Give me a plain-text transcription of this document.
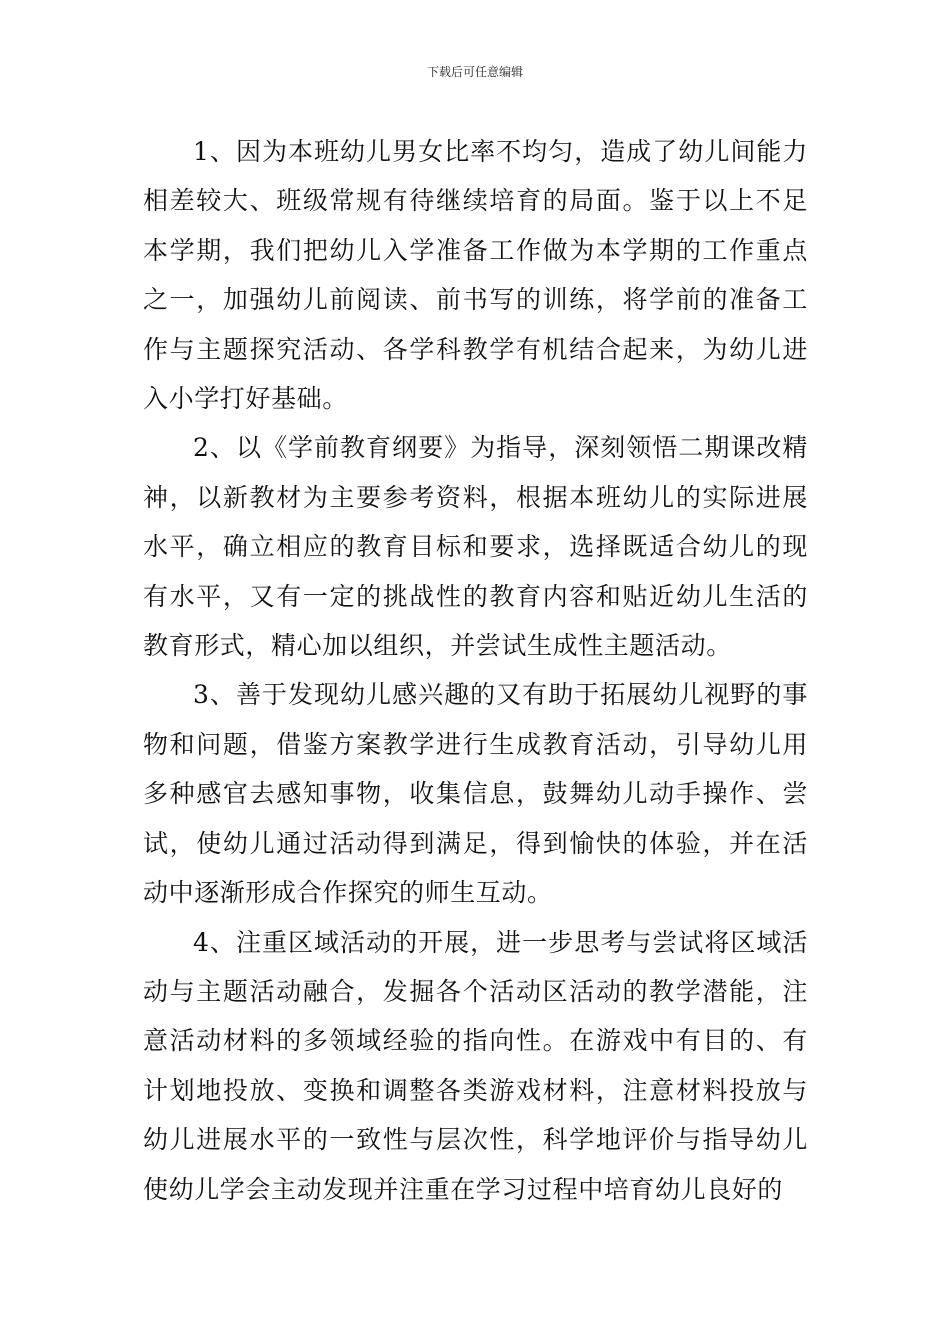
下载后可任意编辑

1、因为本班幼儿男女比率不均匀，造成了幼儿间能力相差较大、班级常规有待继续培育的局面。鉴于以上不足本学期，我们把幼儿入学准备工作做为本学期的工作重点之一，加强幼儿前阅读、前书写的训练，将学前的准备工作与主题探究活动、各学科教学有机结合起来，为幼儿进入小学打好基础。

2、以《学前教育纲要》为指导，深刻领悟二期课改精神，以新教材为主要参考资料，根据本班幼儿的实际进展水平，确立相应的教育目标和要求，选择既适合幼儿的现有水平，又有一定的挑战性的教育内容和贴近幼儿生活的教育形式，精心加以组织，并尝试生成性主题活动。

3、善于发现幼儿感兴趣的又有助于拓展幼儿视野的事物和问题，借鉴方案教学进行生成教育活动，引导幼儿用多种感官去感知事物，收集信息，鼓舞幼儿动手操作、尝试，使幼儿通过活动得到满足，得到愉快的体验，并在活动中逐渐形成合作探究的师生互动。

4、注重区域活动的开展，进一步思考与尝试将区域活动与主题活动融合，发掘各个活动区活动的教学潜能，注意活动材料的多领域经验的指向性。在游戏中有目的、有计划地投放、变换和调整各类游戏材料，注意材料投放与幼儿进展水平的一致性与层次性，科学地评价与指导幼儿使幼儿学会主动发现并注重在学习过程中培育幼儿良好的
